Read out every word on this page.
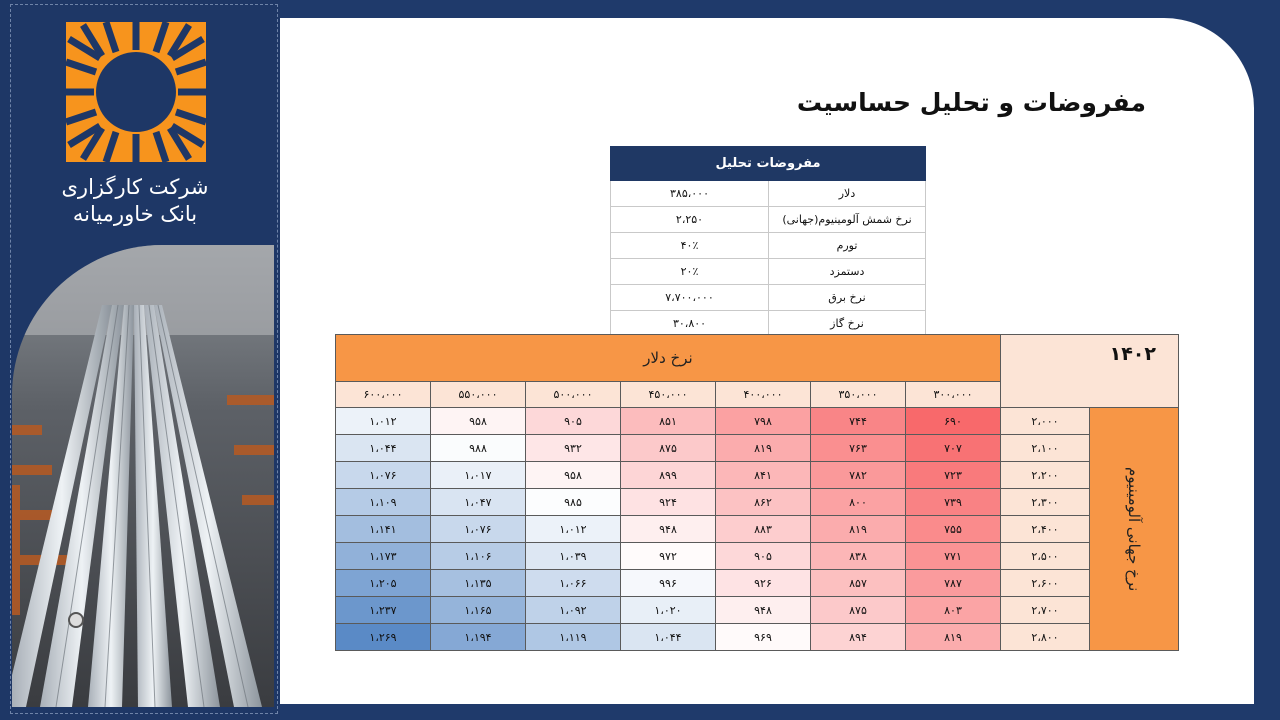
شرکت کارگزاری
بانک خاورمیانه
مفروضات و تحلیل حساسیت
مفروضات تحلیل	
دلار	۳۸۵،۰۰۰
نرخ شمش آلومینیوم(جهانی)	۲،۲۵۰
تورم	۴۰٪
دستمزد	۲۰٪
نرخ برق	۷،۷۰۰،۰۰۰
نرخ گاز	۳۰،۸۰۰
نرخ دلار							۱۴۰۲	
۶۰۰،۰۰۰	۵۵۰،۰۰۰	۵۰۰،۰۰۰	۴۵۰،۰۰۰	۴۰۰،۰۰۰	۳۵۰،۰۰۰	۳۰۰،۰۰۰		
۱،۰۱۲	۹۵۸	۹۰۵	۸۵۱	۷۹۸	۷۴۴	۶۹۰	۲،۰۰۰	نرخ جهانی آلومینیوم

۱،۰۴۴	۹۸۸	۹۳۲	۸۷۵	۸۱۹	۷۶۳	۷۰۷	۲،۱۰۰	
۱،۰۷۶	۱،۰۱۷	۹۵۸	۸۹۹	۸۴۱	۷۸۲	۷۲۳	۲،۲۰۰	
۱،۱۰۹	۱،۰۴۷	۹۸۵	۹۲۴	۸۶۲	۸۰۰	۷۳۹	۲،۳۰۰	
۱،۱۴۱	۱،۰۷۶	۱،۰۱۲	۹۴۸	۸۸۳	۸۱۹	۷۵۵	۲،۴۰۰	
۱،۱۷۳	۱،۱۰۶	۱،۰۳۹	۹۷۲	۹۰۵	۸۳۸	۷۷۱	۲،۵۰۰	
۱،۲۰۵	۱،۱۳۵	۱،۰۶۶	۹۹۶	۹۲۶	۸۵۷	۷۸۷	۲،۶۰۰	
۱،۲۳۷	۱،۱۶۵	۱،۰۹۲	۱،۰۲۰	۹۴۸	۸۷۵	۸۰۳	۲،۷۰۰	
۱،۲۶۹	۱،۱۹۴	۱،۱۱۹	۱،۰۴۴	۹۶۹	۸۹۴	۸۱۹	۲،۸۰۰	
